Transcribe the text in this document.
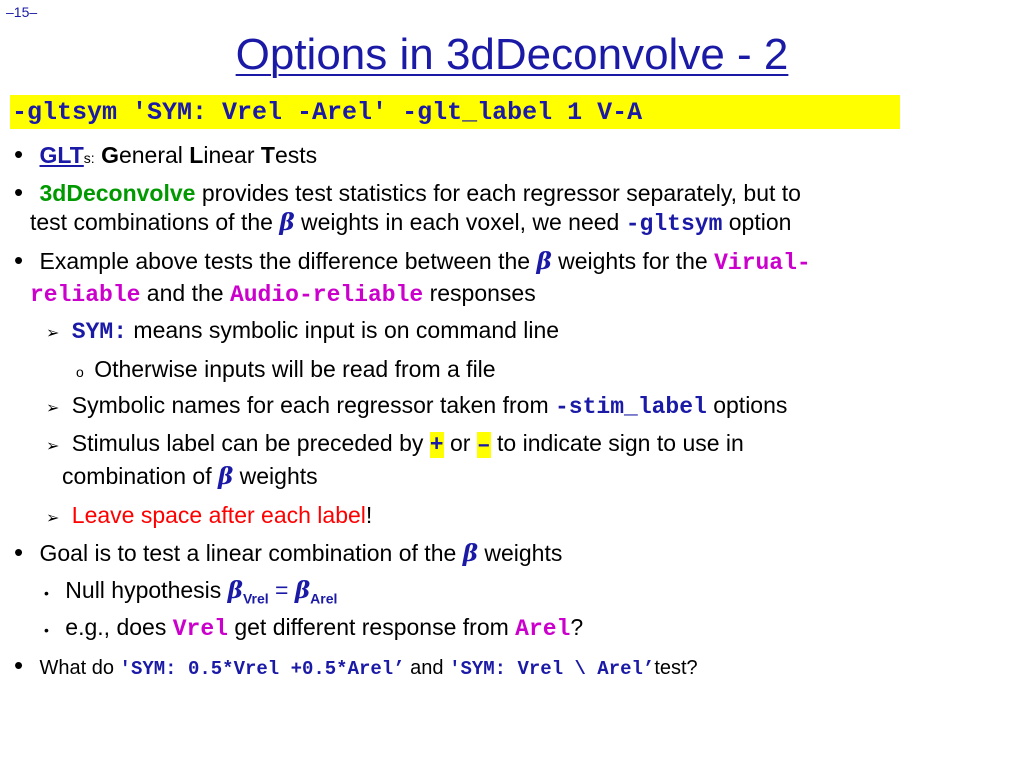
–15–
Options in 3dDeconvolve - 2
-gltsym 'SYM: Vrel -Arel' -glt_label 1 V-A
• GLTs: General Linear Tests
• 3dDeconvolve provides test statistics for each regressor separately, but to
test combinations of the β weights in each voxel, we need -gltsym option
• Example above tests the difference between the β weights for the Virual-
reliable and the Audio-reliable responses
➢ SYM: means symbolic input is on command line
o Otherwise inputs will be read from a file
➢ Symbolic names for each regressor taken from -stim_label options
➢ Stimulus label can be preceded by + or – to indicate sign to use in
combination of β weights
➢ Leave space after each label!
• Goal is to test a linear combination of the β weights
• Null hypothesis $\beta_{Vrel} = \beta_{Arel}$
• e.g., does Vrel get different response from Arel?
• What do 'SYM: 0.5*Vrel +0.5*Arel’ and 'SYM: Vrel \ Arel’test?
